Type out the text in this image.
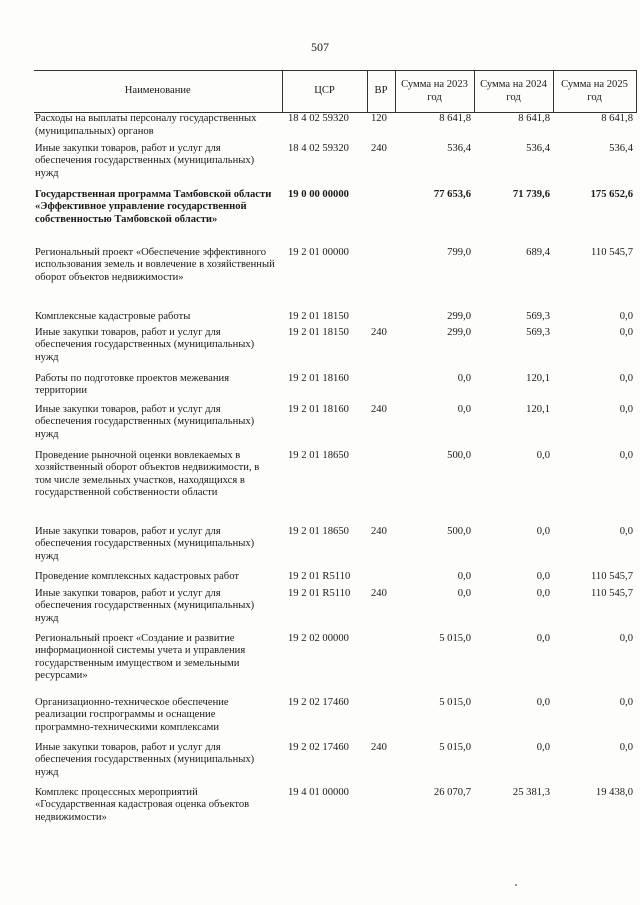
507
Наименование	ЦСР	ВР	Сумма на 2023 год	Сумма на 2024 год	Сумма на 2025 год
Расходы на выплаты персоналу государственных (муниципальных) органов	18 4 02 59320	120	8 641,8	8 641,8	8 641,8
Иные закупки товаров, работ и услуг для обеспечения государственных (муниципальных) нужд	18 4 02 59320	240	536,4	536,4	536,4
Государственная программа Тамбовской области «Эффективное управление государственной собственностью Тамбовской области»	19 0 00 00000		77 653,6	71 739,6	175 652,6
Региональный проект «Обеспечение эффективного использования земель и вовлечение в хозяйственный оборот объектов недвижимости»	19 2 01 00000		799,0	689,4	110 545,7
Комплексные кадастровые работы	19 2 01 18150		299,0	569,3	0,0
Иные закупки товаров, работ и услуг для обеспечения государственных (муниципальных) нужд	19 2 01 18150	240	299,0	569,3	0,0
Работы по подготовке проектов межевания территории	19 2 01 18160		0,0	120,1	0,0
Иные закупки товаров, работ и услуг для обеспечения государственных (муниципальных) нужд	19 2 01 18160	240	0,0	120,1	0,0
Проведение рыночной оценки вовлекаемых в хозяйственный оборот объектов недвижимости, в том числе земельных участков, находящихся в государственной собственности области	19 2 01 18650		500,0	0,0	0,0
Иные закупки товаров, работ и услуг для обеспечения государственных (муниципальных) нужд	19 2 01 18650	240	500,0	0,0	0,0
Проведение комплексных кадастровых работ	19 2 01 R5110		0,0	0,0	110 545,7
Иные закупки товаров, работ и услуг для обеспечения государственных (муниципальных) нужд	19 2 01 R5110	240	0,0	0,0	110 545,7
Региональный проект «Создание и развитие информационной системы учета и управления государственным имуществом и земельными ресурсами»	19 2 02 00000		5 015,0	0,0	0,0
Организационно-техническое обеспечение реализации госпрограммы и оснащение программно-техническими комплексами	19 2 02 17460		5 015,0	0,0	0,0
Иные закупки товаров, работ и услуг для обеспечения государственных (муниципальных) нужд	19 2 02 17460	240	5 015,0	0,0	0,0
Комплекс процессных мероприятий «Государственная кадастровая оценка объектов недвижимости»	19 4 01 00000		26 070,7	25 381,3	19 438,0
